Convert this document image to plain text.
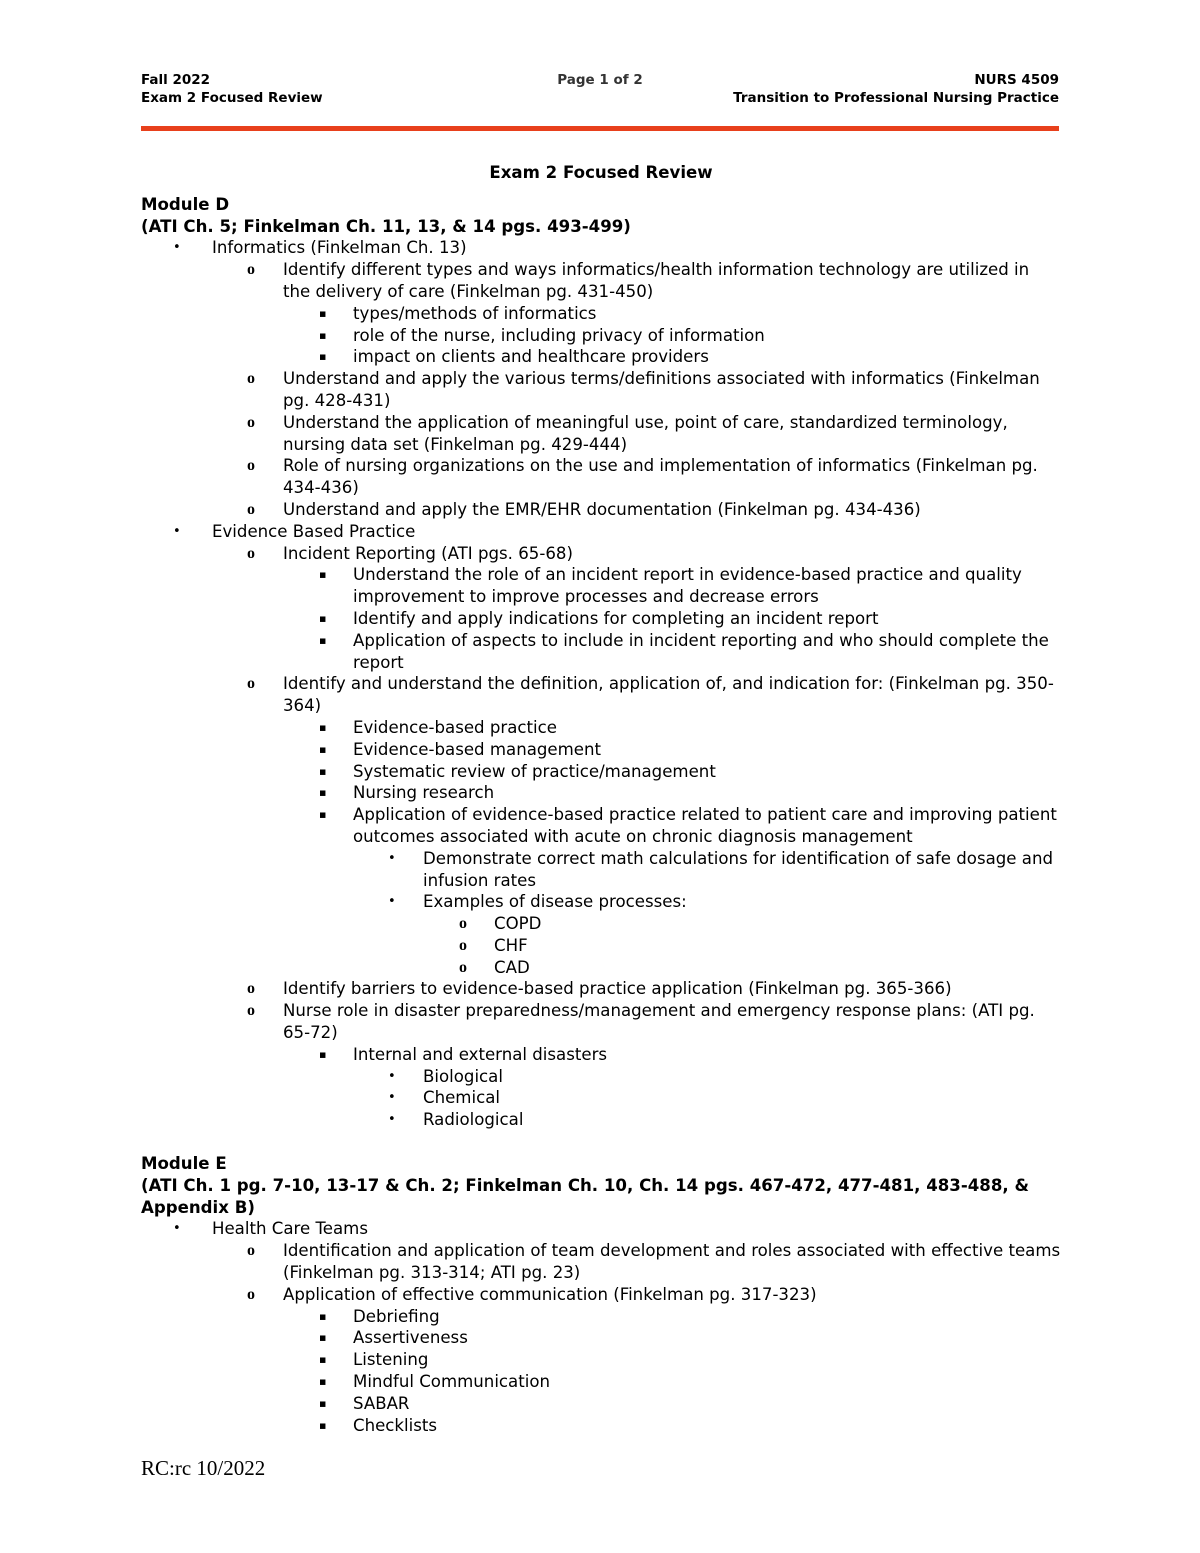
Fall 2022
Exam 2 Focused Review
Page 1 of 2	NURS 4509
Transition to Professional Nursing Practice
Exam 2 Focused Review
Module D
(ATI Ch. 5; Finkelman Ch. 11, 13, & 14 pgs. 493-499)
• Informatics (Finkelman Ch. 13)
o Identify different types and ways informatics/health information technology are utilized in the delivery of care (Finkelman pg. 431-450)
▪ types/methods of informatics
▪ role of the nurse, including privacy of information
▪ impact on clients and healthcare providers
o Understand and apply the various terms/definitions associated with informatics (Finkelman pg. 428-431)
o Understand the application of meaningful use, point of care, standardized terminology, nursing data set (Finkelman pg. 429-444)
o Role of nursing organizations on the use and implementation of informatics (Finkelman pg. 434-436)
o Understand and apply the EMR/EHR documentation (Finkelman pg. 434-436)
• Evidence Based Practice
o Incident Reporting (ATI pgs. 65-68)
▪ Understand the role of an incident report in evidence-based practice and quality improvement to improve processes and decrease errors
▪ Identify and apply indications for completing an incident report
▪ Application of aspects to include in incident reporting and who should complete the report
o Identify and understand the definition, application of, and indication for: (Finkelman pg. 350-364)
▪ Evidence-based practice
▪ Evidence-based management
▪ Systematic review of practice/management
▪ Nursing research
▪ Application of evidence-based practice related to patient care and improving patient outcomes associated with acute on chronic diagnosis management
• Demonstrate correct math calculations for identification of safe dosage and infusion rates
• Examples of disease processes:
o COPD
o CHF
o CAD
o Identify barriers to evidence-based practice application (Finkelman pg. 365-366)
o Nurse role in disaster preparedness/management and emergency response plans: (ATI pg. 65-72)
▪ Internal and external disasters
• Biological
• Chemical
• Radiological
Module E
(ATI Ch. 1 pg. 7-10, 13-17 & Ch. 2; Finkelman Ch. 10, Ch. 14 pgs. 467-472, 477-481, 483-488, & Appendix B)
• Health Care Teams
o Identification and application of team development and roles associated with effective teams (Finkelman pg. 313-314; ATI pg. 23)
o Application of effective communication (Finkelman pg. 317-323)
▪ Debriefing
▪ Assertiveness
▪ Listening
▪ Mindful Communication
▪ SABAR
▪ Checklists
RC:rc 10/2022
